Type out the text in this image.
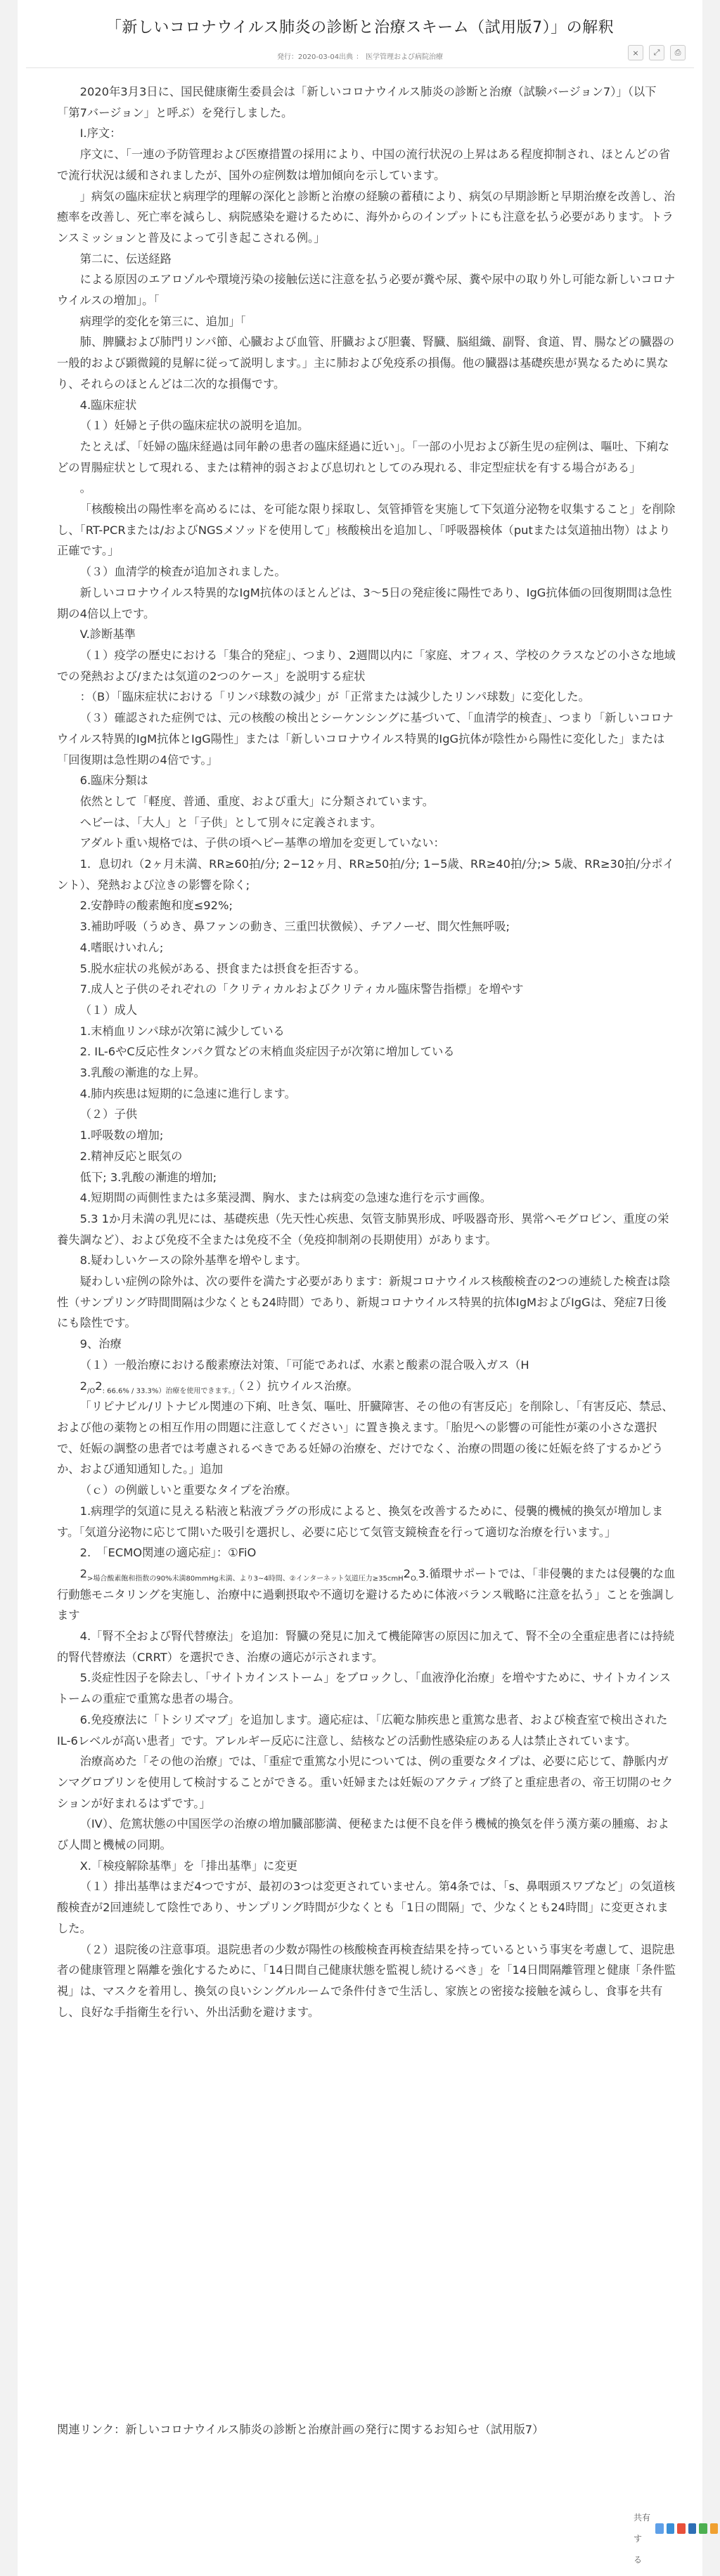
「新しいコロナウイルス肺炎の診断と治療スキーム（試用版7）」の解釈
発行：2020-03-04出典 ： 医学管理および病院治療	× ⤢ ⎙

2020年3月3日に、国民健康衛生委員会は「新しいコロナウイルス肺炎の診断と治療（試験バージョン7）」（以下「第7バージョン」と呼ぶ）を発行しました。

I.序文：

序文に、「一連の予防管理および医療措置の採用により、中国の流行状況の上昇はある程度抑制され、ほとんどの省で流行状況は緩和されましたが、国外の症例数は増加傾向を示しています。

」病気の臨床症状と病理学的理解の深化と診断と治療の経験の蓄積により、病気の早期診断と早期治療を改善し、治癒率を改善し、死亡率を減らし、病院感染を避けるために、海外からのインプットにも注意を払う必要があります。トランスミッションと普及によって引き起こされる例。」

第二に、伝送経路

による原因のエアロゾルや環境汚染の接触伝送に注意を払う必要が糞や尿、糞や尿中の取り外し可能な新しいコロナウイルスの増加」。「

病理学的変化を第三に、追加」「

肺、脾臓および肺門リンパ節、心臓および血管、肝臓および胆嚢、腎臓、脳組織、副腎、食道、胃、腸などの臓器の一般的および顕微鏡的見解に従って説明します。」主に肺および免疫系の損傷。他の臓器は基礎疾患が異なるために異なり、それらのほとんどは二次的な損傷です。

4.臨床症状

（１）妊婦と子供の臨床症状の説明を追加。

たとえば、「妊婦の臨床経過は同年齢の患者の臨床経過に近い」。「一部の小児および新生児の症例は、嘔吐、下痢などの胃腸症状として現れる、または精神的弱さおよび息切れとしてのみ現れる、非定型症状を有する場合がある」

。

「核酸検出の陽性率を高めるには、を可能な限り採取し、気管挿管を実施して下気道分泌物を収集すること」を削除し、「RT-PCRまたは/およびNGSメソッドを使用して」核酸検出を追加し、「呼吸器検体（putまたは気道抽出物）はより正確です。」

（３）血清学的検査が追加されました。

新しいコロナウイルス特異的なIgM抗体のほとんどは、3～5日の発症後に陽性であり、IgG抗体価の回復期間は急性期の4倍以上です。

V.診断基準

（１）疫学の歴史における「集合的発症」、つまり、2週間以内に「家庭、オフィス、学校のクラスなどの小さな地域での発熱および/または気道の2つのケース」を説明する症状

：（B）「臨床症状における「リンパ球数の減少」が「正常または減少したリンパ球数」に変化した。

（３）確認された症例では、元の核酸の検出とシーケンシングに基づいて、「血清学的検査」、つまり「新しいコロナウイルス特異的IgM抗体とIgG陽性」または「新しいコロナウイルス特異的IgG抗体が陰性から陽性に変化した」または「回復期は急性期の4倍です。」

6.臨床分類は

依然として「軽度、普通、重度、および重大」に分類されています。

ヘビーは、「大人」と「子供」として別々に定義されます。

アダルト重い規格では、子供の頃ヘビー基準の増加を変更していない：

1．息切れ（2ヶ月未満、RR≥60拍/分; 2−12ヶ月、RR≥50拍/分; 1−5歳、RR≥40拍/分;> 5歳、RR≥30拍/分ポイント）、発熱および泣きの影響を除く;

2.安静時の酸素飽和度≤92%;

3.補助呼吸（うめき、鼻ファンの動き、三重凹状徴候）、チアノーゼ、間欠性無呼吸;

4.嗜眠けいれん;

5.脱水症状の兆候がある、摂食または摂食を拒否する。

7.成人と子供のそれぞれの「クリティカルおよびクリティカル臨床警告指標」を増やす

（１）成人

1.末梢血リンパ球が次第に減少している

2. IL-6やC反応性タンパク質などの末梢血炎症因子が次第に増加している

3.乳酸の漸進的な上昇。

4.肺内疾患は短期的に急速に進行します。

（２）子供

1.呼吸数の増加;

2.精神反応と眠気の

低下; 3.乳酸の漸進的増加;

4.短期間の両側性または多葉浸潤、胸水、または病変の急速な進行を示す画像。

5.3 1か月未満の乳児には、基礎疾患（先天性心疾患、気管支肺異形成、呼吸器奇形、異常ヘモグロビン、重度の栄養失調など）、および免疫不全または免疫不全（免疫抑制剤の長期使用）があります。

8.疑わしいケースの除外基準を増やします。

疑わしい症例の除外は、次の要件を満たす必要があります：新規コロナウイルス核酸検査の2つの連続した検査は陰性（サンプリング時間間隔は少なくとも24時間）であり、新規コロナウイルス特異的抗体IgMおよびIgGは、発症7日後にも陰性です。

9、治療

（１）一般治療における酸素療法対策、「可能であれば、水素と酸素の混合吸入ガス（H

$2_{/O}2_{: 66.6\% / 33.3\%)治療を使用できます。」}(2)$抗ウイルス治療。

「リピナビル/リトナビル関連の下痢、吐き気、嘔吐、肝臓障害、その他の有害反応」を削除し、「有害反応、禁忌、および他の薬物との相互作用の問題に注意してください」に置き換えます。「胎児への影響の可能性が薬の小さな選択で、妊娠の調整の患者では考慮されるべきである妊婦の治療を、だけでなく、治療の問題の後に妊娠を終了するかどうか、および通知通知した。」追加

（ｃ）の例厳しいと重要なタイプを治療。

1.病理学的気道に見える粘液と粘液プラグの形成によると、換気を改善するために、侵襲的機械的換気が増加します。「気道分泌物に応じて開いた吸引を選択し、必要に応じて気管支鏡検査を行って適切な治療を行います。」

2.　「ECMO関連の適応症」：①FiO

$2_{>場合酸素飽和指数の90\%未満80mmHg未満、より3\sim 4時間、②インターネット気道圧力\ge 35cmH}2_{O.}3$.循環サポートでは、「非侵襲的または侵襲的な血行動態モニタリングを実施し、治療中に過剰摂取や不適切を避けるために体液バランス戦略に注意を払う」ことを強調します

4.「腎不全および腎代替療法」を追加：腎臓の発見に加えて機能障害の原因に加えて、腎不全の全重症患者には持続的腎代替療法（CRRT）を選択でき、治療の適応が示されます。

5.炎症性因子を除去し、「サイトカインストーム」をブロックし、「血液浄化治療」を増やすために、サイトカインストームの重症で重篤な患者の場合。

6.免疫療法に「トシリズマブ」を追加します。適応症は、「広範な肺疾患と重篤な患者、および検査室で検出されたIL-6レベルが高い患者」です。アレルギー反応に注意し、結核などの活動性感染症のある人は禁止されています。

治療高めた「その他の治療」では、「重症で重篤な小児については、例の重要なタイプは、必要に応じて、静脈内ガンマグロブリンを使用して検討することができる。重い妊婦または妊娠のアクティブ終了と重症患者の、帝王切開のセクションが好まれるはずです。」

（IV）、危篤状態の中国医学の治療の増加臓部膨満、便秘または便不良を伴う機械的換気を伴う漢方薬の腫瘍、および人間と機械の同期。

X.「検疫解除基準」を「排出基準」に変更

（１）排出基準はまだ4つですが、最初の3つは変更されていません。第4条では、「s、鼻咽頭スワブなど」の気道核酸検査が2回連続して陰性であり、サンプリング時間が少なくとも「1日の間隔」で、少なくとも24時間」に変更されました。

（２）退院後の注意事項。退院患者の少数が陽性の核酸検査再検査結果を持っているという事実を考慮して、退院患者の健康管理と隔離を強化するために、「14日間自己健康状態を監視し続けるべき」を「14日間隔離管理と健康「条件監視」は、マスクを着用し、換気の良いシングルルームで条件付きで生活し、家族との密接な接触を減らし、食事を共有し、良好な手指衛生を行い、外出活動を避けます。

関連リンク：新しいコロナウイルス肺炎の診断と治療計画の発行に関するお知らせ（試用版7）
共有す
る
